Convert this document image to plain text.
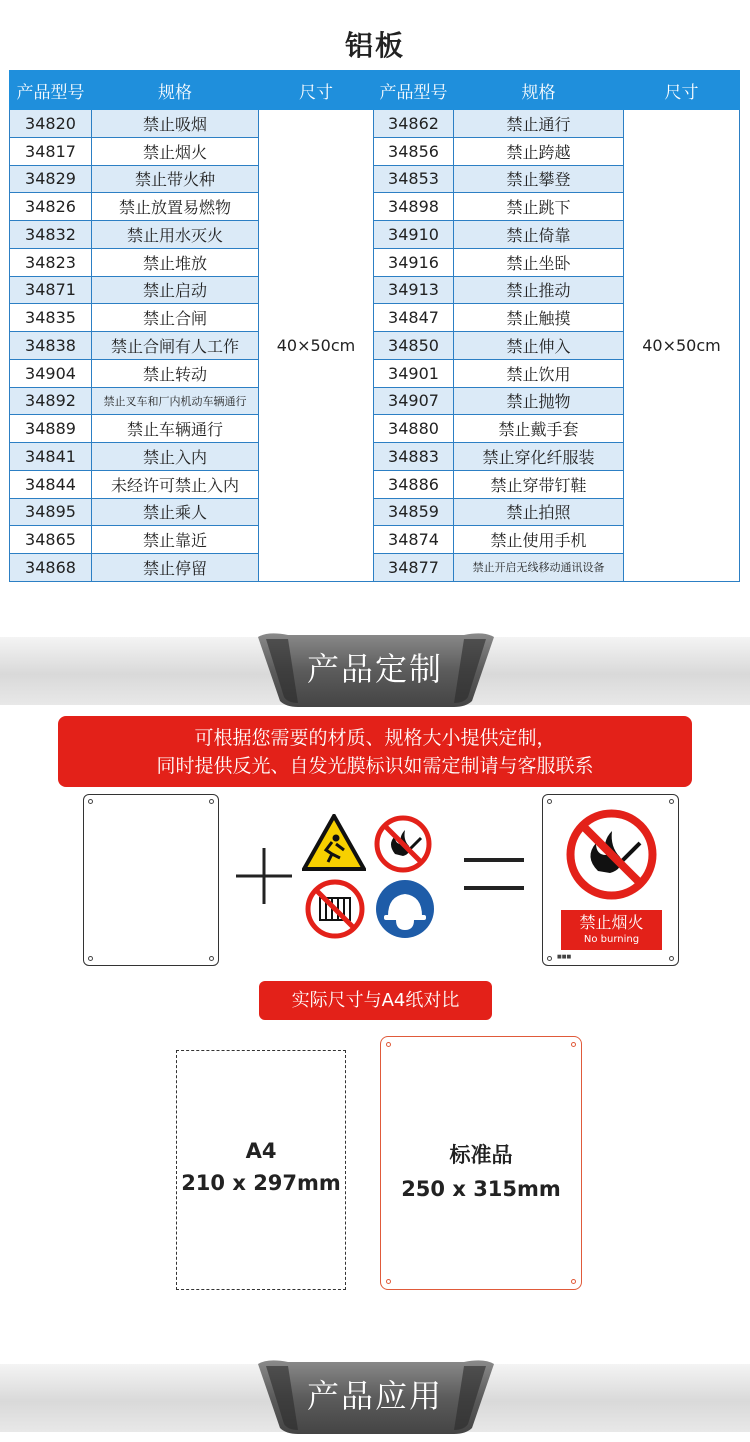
铝板
产品型号	规格	尺寸	产品型号	规格	尺寸
34820	禁止吸烟	40×50cm	34862	禁止通行	40×50cm
34817	禁止烟火		34856	禁止跨越	
34829	禁止带火种		34853	禁止攀登	
34826	禁止放置易燃物		34898	禁止跳下	
34832	禁止用水灭火		34910	禁止倚靠	
34823	禁止堆放		34916	禁止坐卧	
34871	禁止启动		34913	禁止推动	
34835	禁止合闸		34847	禁止触摸	
34838	禁止合闸有人工作		34850	禁止伸入	
34904	禁止转动		34901	禁止饮用	
34892	禁止叉车和厂内机动车辆通行		34907	禁止抛物	
34889	禁止车辆通行		34880	禁止戴手套	
34841	禁止入内		34883	禁止穿化纤服装	
34844	未经许可禁止入内		34886	禁止穿带钉鞋	
34895	禁止乘人		34859	禁止拍照	
34865	禁止靠近		34874	禁止使用手机	
34868	禁止停留		34877	禁止开启无线移动通讯设备	
产品定制
可根据您需要的材质、规格大小提供定制，
同时提供反光、自发光膜标识如需定制请与客服联系
禁止烟火
No burning
■■■
实际尺寸与A4纸对比
A4
210 x 297mm
标准品
250 x 315mm
产品应用
